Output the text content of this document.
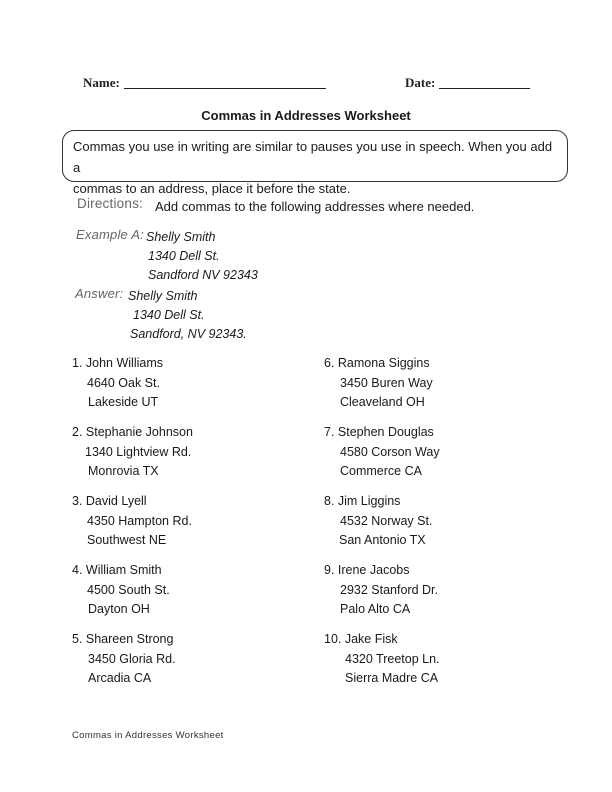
Name:	Date:
Commas in Addresses Worksheet
Commas you use in writing are similar to pauses you use in speech. When you add a
commas to an address, place it before the state.
Directions: Add commas to the following addresses where needed.
Example A: Shelly Smith
1340 Dell St.
Sandford NV 92343
Answer: Shelly Smith
1340 Dell St.
Sandford, NV 92343.
1. John Williams
4640 Oak St.
Lakeside UT
2. Stephanie Johnson
1340 Lightview Rd.
Monrovia TX
3. David Lyell
4350 Hampton Rd.
Southwest NE
4. William Smith
4500 South St.
Dayton OH
5. Shareen Strong
3450 Gloria Rd.
Arcadia CA
6. Ramona Siggins
3450 Buren Way
Cleaveland OH
7. Stephen Douglas
4580 Corson Way
Commerce CA
8. Jim Liggins
4532 Norway St.
San Antonio TX
9. Irene Jacobs
2932 Stanford Dr.
Palo Alto CA
10. Jake Fisk
4320 Treetop Ln.
Sierra Madre CA
Commas in Addresses Worksheet
